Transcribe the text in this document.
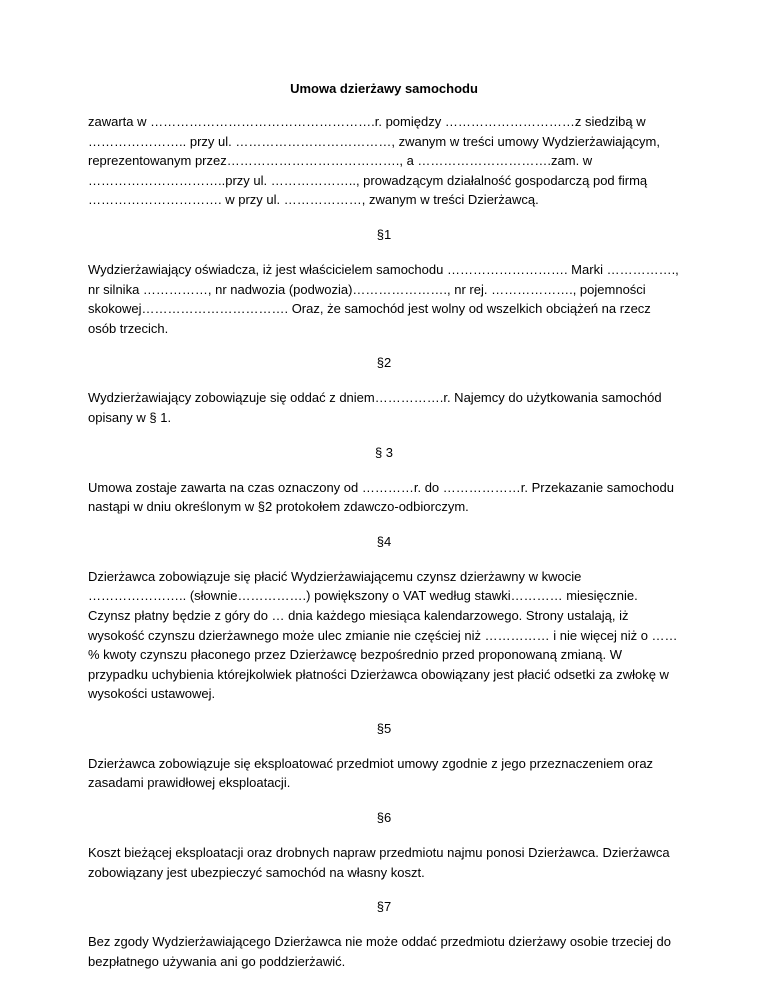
Umowa dzierżawy samochodu

zawarta w …………………………………………….r. pomiędzy …………………………z siedzibą w ………………….. przy ul. ………………………………, zwanym w treści umowy Wydzierżawiającym, reprezentowanym przez…………………………………., a ………………………….zam. w …………………………..przy ul. ……………….., prowadzącym działalność gospodarczą pod firmą …………………………. w przy ul. ………………, zwanym w treści Dzierżawcą.

§1

Wydzierżawiający oświadcza, iż jest właścicielem samochodu ………………………. Marki ……………., nr silnika ……………, nr nadwozia (podwozia)…………………., nr rej. ………………., pojemności skokowej……………………………. Oraz, że samochód jest wolny od wszelkich obciążeń na rzecz osób trzecich.

§2

Wydzierżawiający zobowiązuje się oddać z dniem…………….r. Najemcy do użytkowania samochód opisany w § 1.

§ 3

Umowa zostaje zawarta na czas oznaczony od …………r. do ………………r. Przekazanie samochodu nastąpi w dniu określonym w §2 protokołem zdawczo-odbiorczym.

§4

Dzierżawca zobowiązuje się płacić Wydzierżawiającemu czynsz dzierżawny w kwocie ………………….. (słownie…………….) powiększony o VAT według stawki………… miesięcznie. Czynsz płatny będzie z góry do … dnia każdego miesiąca kalendarzowego. Strony ustalają, iż wysokość czynszu dzierżawnego może ulec zmianie nie częściej niż …………… i nie więcej niż o …… % kwoty czynszu płaconego przez Dzierżawcę bezpośrednio przed proponowaną zmianą. W przypadku uchybienia którejkolwiek płatności Dzierżawca obowiązany jest płacić odsetki za zwłokę w wysokości ustawowej.

§5

Dzierżawca zobowiązuje się eksploatować przedmiot umowy zgodnie z jego przeznaczeniem oraz zasadami prawidłowej eksploatacji.

§6

Koszt bieżącej eksploatacji oraz drobnych napraw przedmiotu najmu ponosi Dzierżawca. Dzierżawca zobowiązany jest ubezpieczyć samochód na własny koszt.

§7

Bez zgody Wydzierżawiającego Dzierżawca nie może oddać przedmiotu dzierżawy osobie trzeciej do bezpłatnego używania ani go poddzierżawić.
